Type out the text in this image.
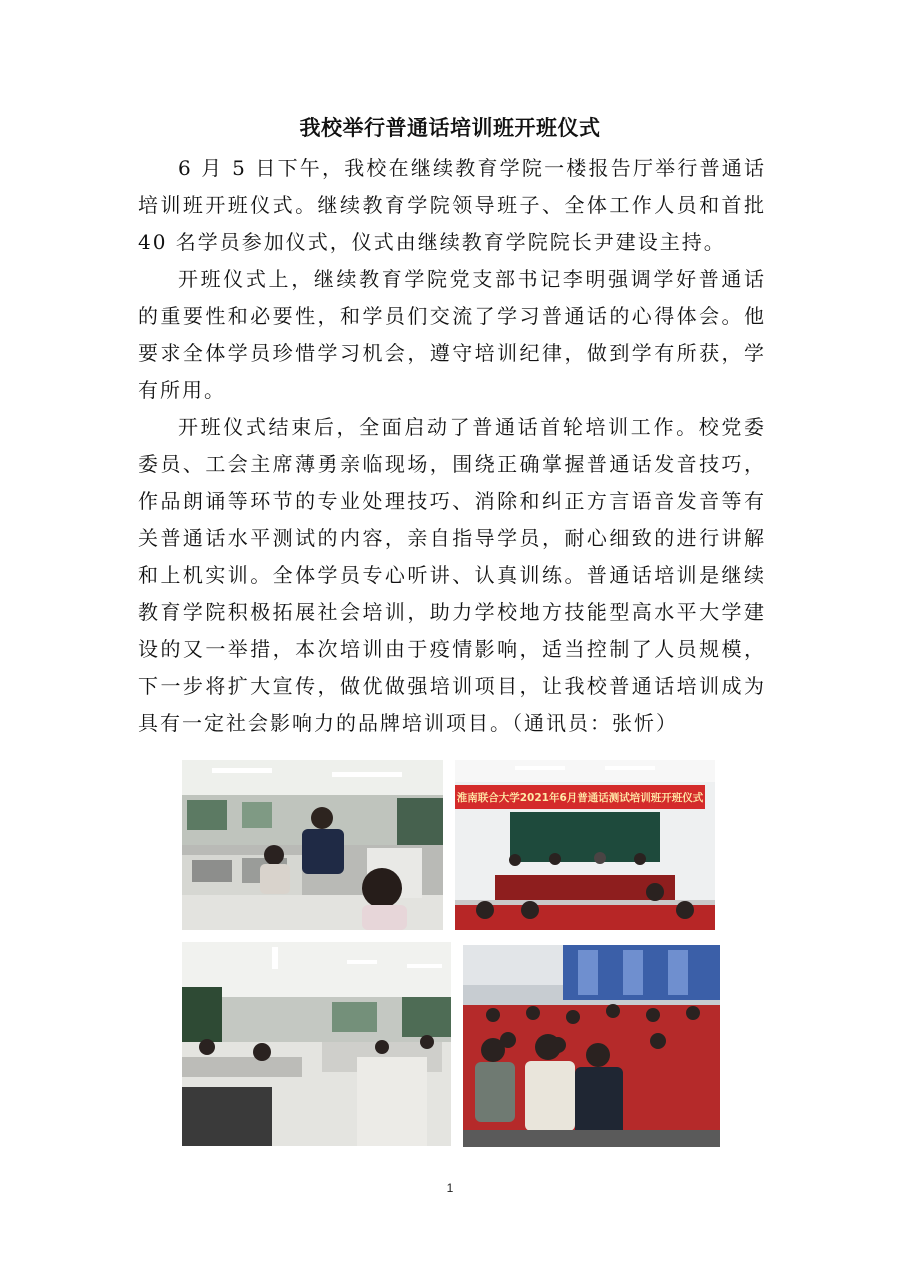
我校举行普通话培训班开班仪式

6 月 5 日下午，我校在继续教育学院一楼报告厅举行普通话培训班开班仪式。继续教育学院领导班子、全体工作人员和首批40 名学员参加仪式，仪式由继续教育学院院长尹建设主持。

开班仪式上，继续教育学院党支部书记李明强调学好普通话的重要性和必要性，和学员们交流了学习普通话的心得体会。他要求全体学员珍惜学习机会，遵守培训纪律，做到学有所获，学有所用。

开班仪式结束后，全面启动了普通话首轮培训工作。校党委委员、工会主席薄勇亲临现场，围绕正确掌握普通话发音技巧，作品朗诵等环节的专业处理技巧、消除和纠正方言语音发音等有关普通话水平测试的内容，亲自指导学员，耐心细致的进行讲解和上机实训。全体学员专心听讲、认真训练。普通话培训是继续教育学院积极拓展社会培训，助力学校地方技能型高水平大学建设的又一举措，本次培训由于疫情影响，适当控制了人员规模，下一步将扩大宣传，做优做强培训项目，让我校普通话培训成为具有一定社会影响力的品牌培训项目。（通讯员：张忻）

淮南联合大学2021年6月普通话测试培训班开班仪式
1
